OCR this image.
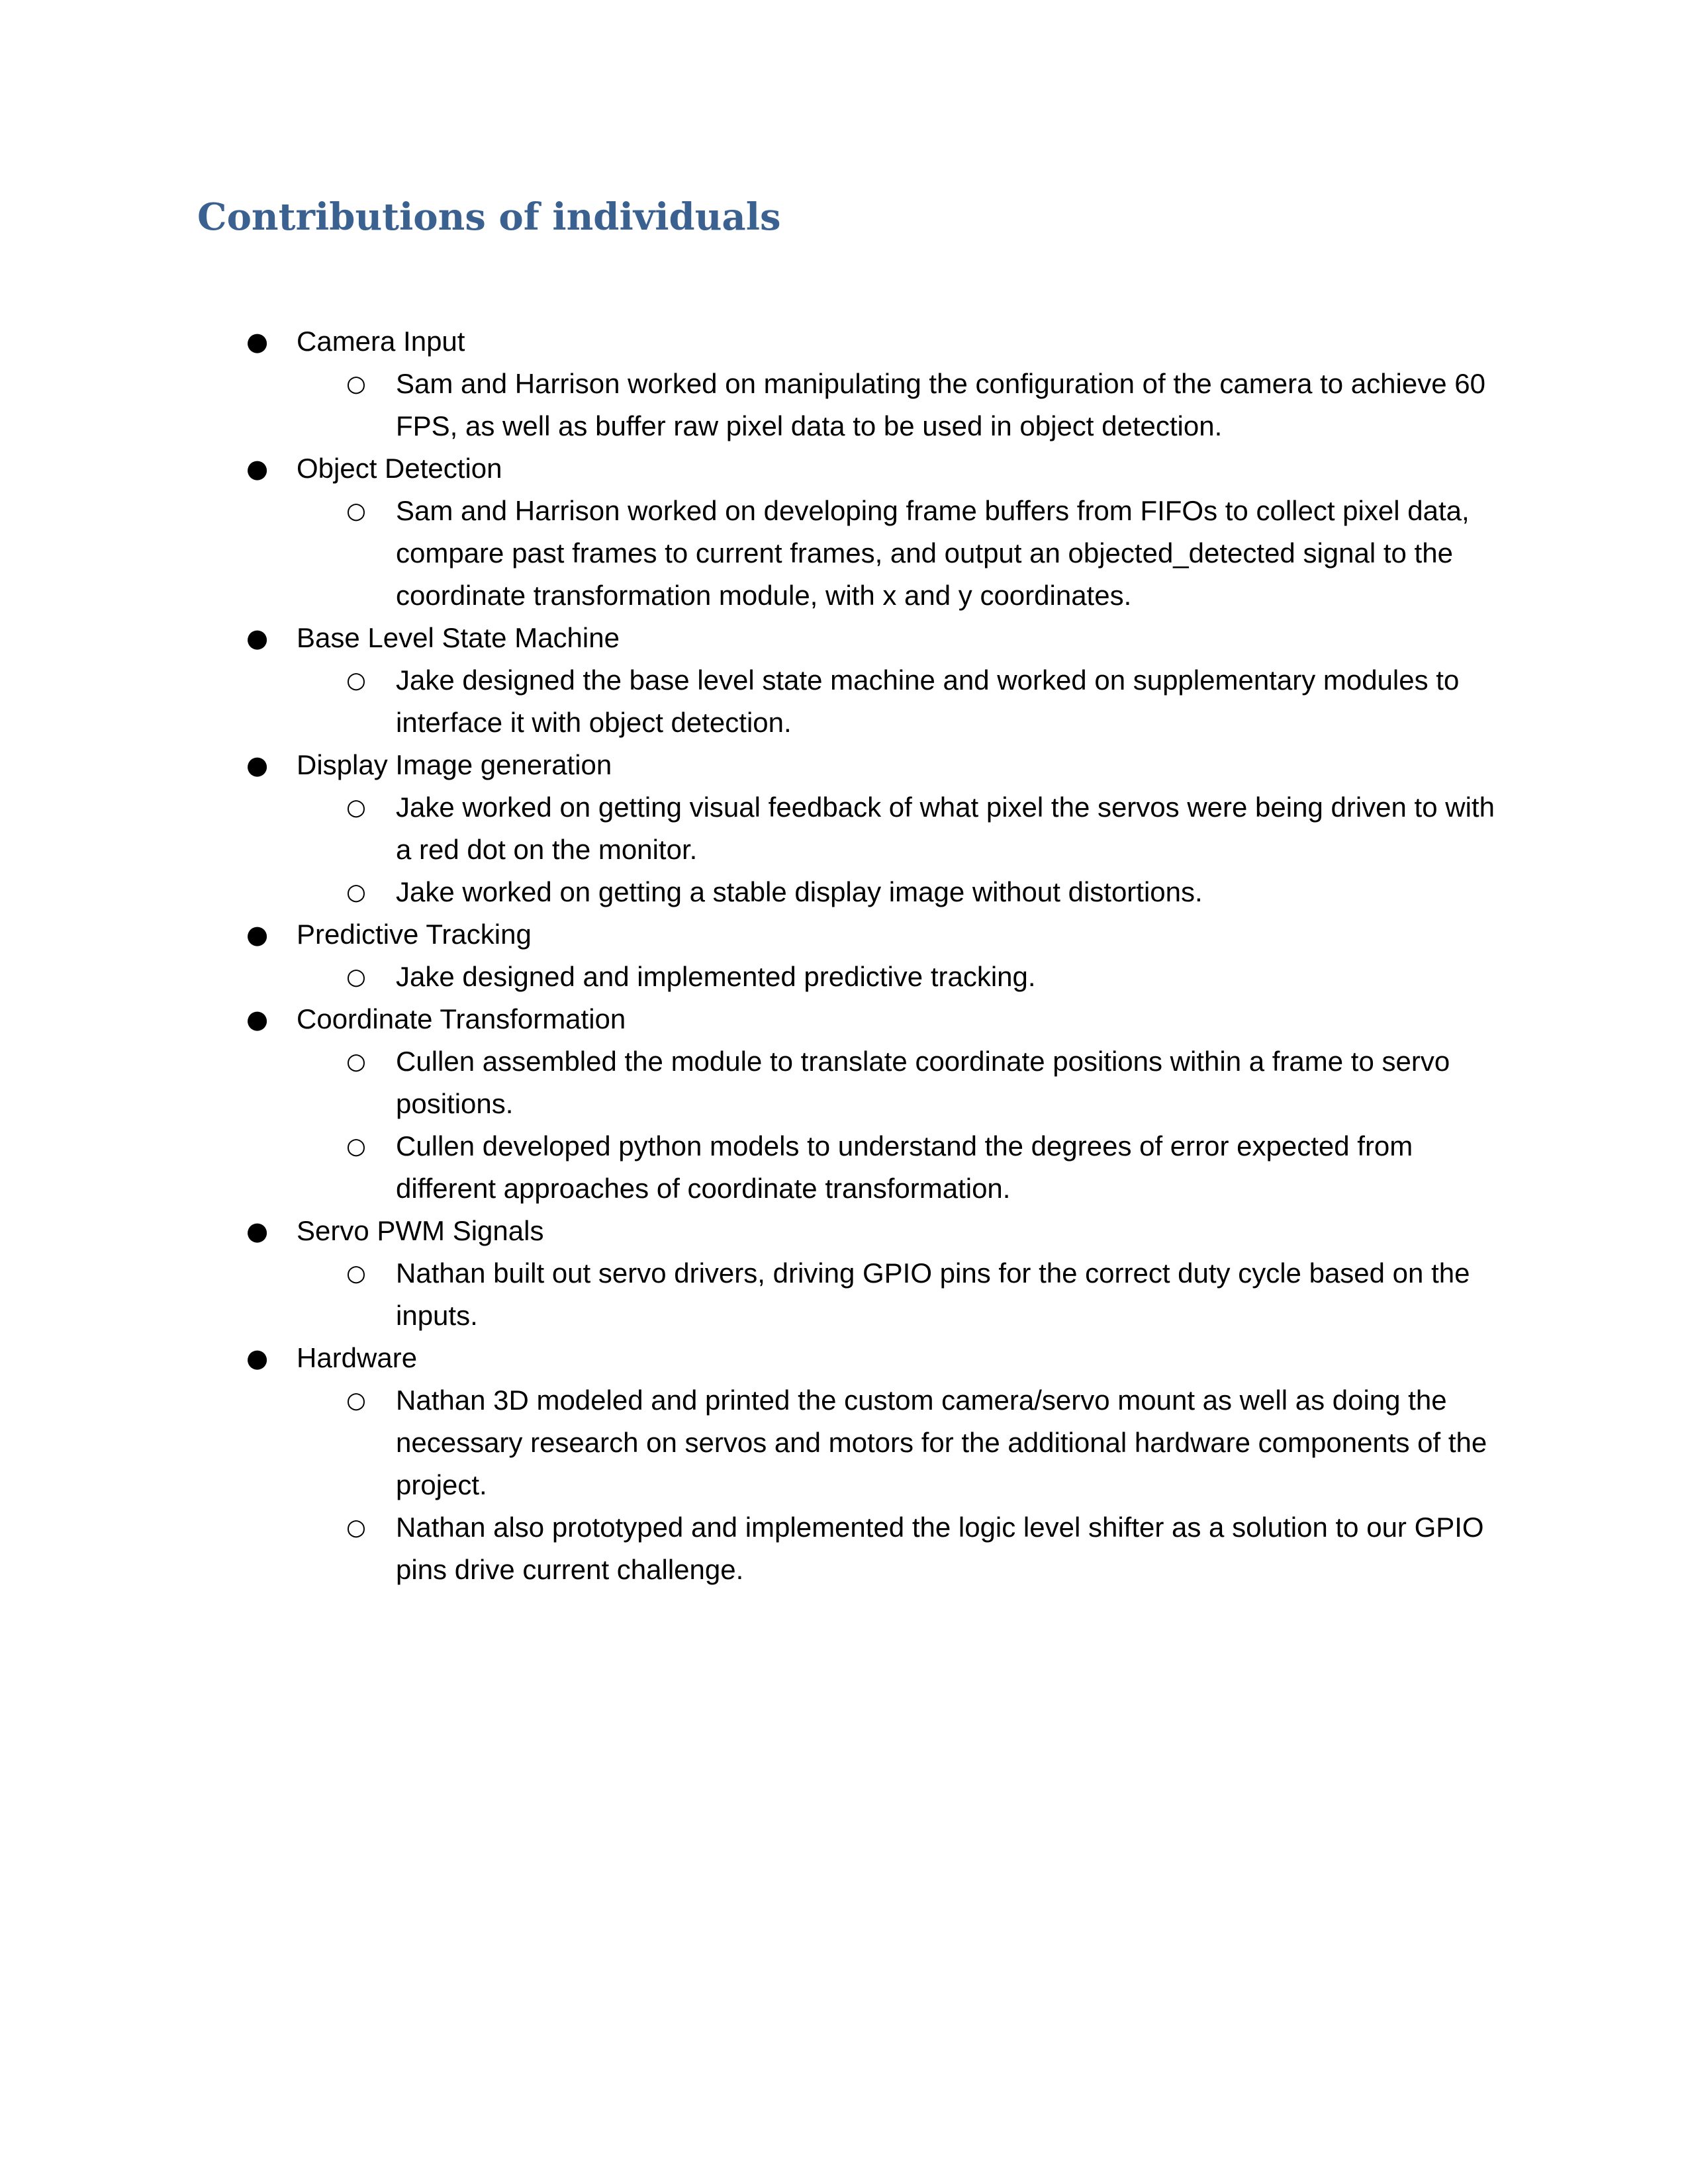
Contributions of individuals
● Camera Input
○ Sam and Harrison worked on manipulating the configuration of the camera to achieve 60 FPS, as well as buffer raw pixel data to be used in object detection.
● Object Detection
○ Sam and Harrison worked on developing frame buffers from FIFOs to collect pixel data, compare past frames to current frames, and output an objected_detected signal to the coordinate transformation module, with x and y coordinates.
● Base Level State Machine
○ Jake designed the base level state machine and worked on supplementary modules to interface it with object detection.
● Display Image generation
○ Jake worked on getting visual feedback of what pixel the servos were being driven to with a red dot on the monitor.
○ Jake worked on getting a stable display image without distortions.
● Predictive Tracking
○ Jake designed and implemented predictive tracking.
● Coordinate Transformation
○ Cullen assembled the module to translate coordinate positions within a frame to servo positions.
○ Cullen developed python models to understand the degrees of error expected from different approaches of coordinate transformation.
● Servo PWM Signals
○ Nathan built out servo drivers, driving GPIO pins for the correct duty cycle based on the inputs.
● Hardware
○ Nathan 3D modeled and printed the custom camera/servo mount as well as doing the necessary research on servos and motors for the additional hardware components of the project.
○ Nathan also prototyped and implemented the logic level shifter as a solution to our GPIO pins drive current challenge.
